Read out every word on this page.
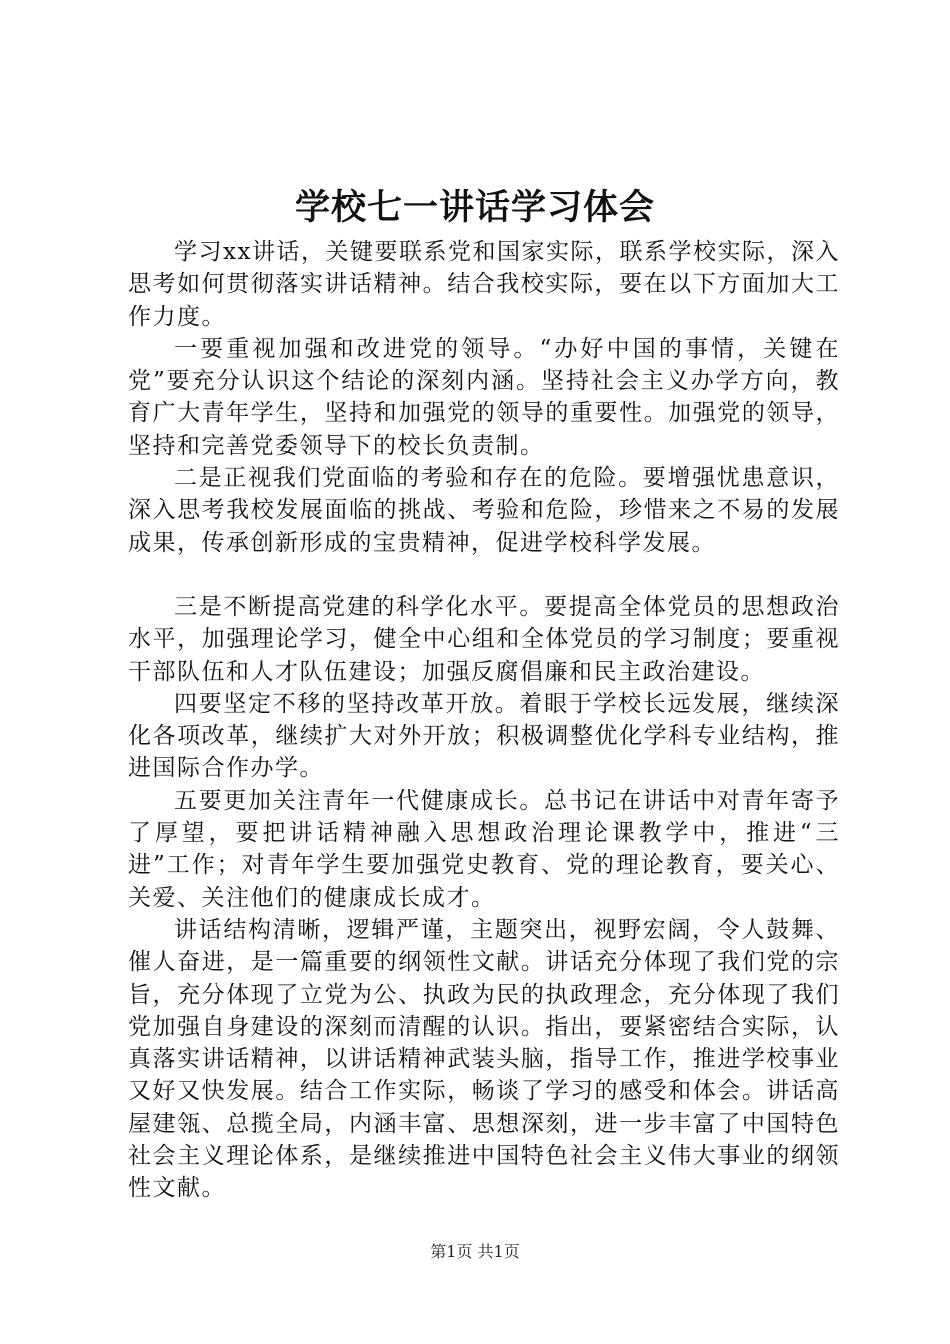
学校七一讲话学习体会

学习xx讲话，关键要联系党和国家实际，联系学校实际，深入思考如何贯彻落实讲话精神。结合我校实际，要在以下方面加大工作力度。

一要重视加强和改进党的领导。“办好中国的事情，关键在党”要充分认识这个结论的深刻内涵。坚持社会主义办学方向，教育广大青年学生，坚持和加强党的领导的重要性。加强党的领导，坚持和完善党委领导下的校长负责制。

二是正视我们党面临的考验和存在的危险。要增强忧患意识，深入思考我校发展面临的挑战、考验和危险，珍惜来之不易的发展成果，传承创新形成的宝贵精神，促进学校科学发展。

三是不断提高党建的科学化水平。要提高全体党员的思想政治水平，加强理论学习，健全中心组和全体党员的学习制度；要重视干部队伍和人才队伍建设；加强反腐倡廉和民主政治建设。

四要坚定不移的坚持改革开放。着眼于学校长远发展，继续深化各项改革，继续扩大对外开放；积极调整优化学科专业结构，推进国际合作办学。

五要更加关注青年一代健康成长。总书记在讲话中对青年寄予了厚望，要把讲话精神融入思想政治理论课教学中，推进“三进”工作；对青年学生要加强党史教育、党的理论教育，要关心、关爱、关注他们的健康成长成才。

讲话结构清晰，逻辑严谨，主题突出，视野宏阔，令人鼓舞、催人奋进，是一篇重要的纲领性文献。讲话充分体现了我们党的宗旨，充分体现了立党为公、执政为民的执政理念，充分体现了我们党加强自身建设的深刻而清醒的认识。指出，要紧密结合实际，认真落实讲话精神，以讲话精神武装头脑，指导工作，推进学校事业又好又快发展。结合工作实际，畅谈了学习的感受和体会。讲话高屋建瓴、总揽全局，内涵丰富、思想深刻，进一步丰富了中国特色社会主义理论体系，是继续推进中国特色社会主义伟大事业的纲领性文献。

第1页 共1页
